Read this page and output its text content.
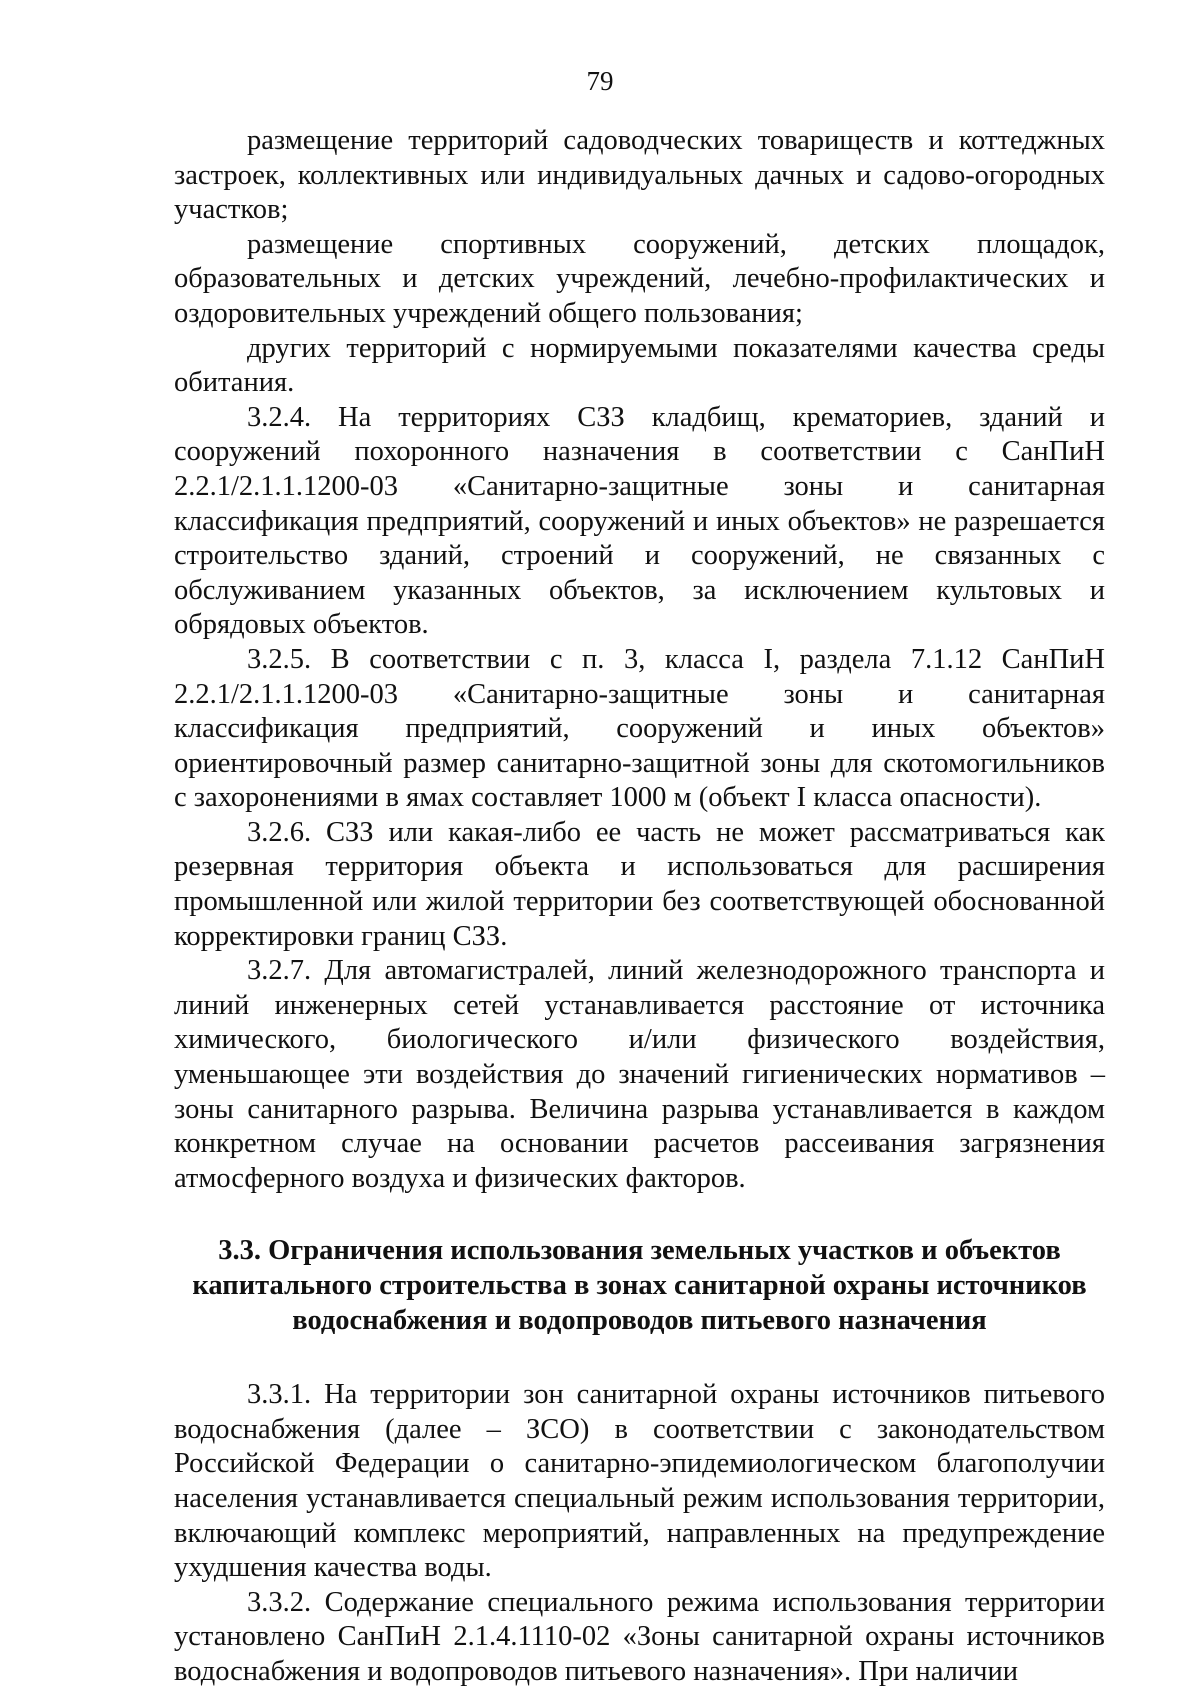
79

размещение территорий садоводческих товариществ и коттеджных застроек, коллективных или индивидуальных дачных и садово-огородных участков;

размещение спортивных сооружений, детских площадок, образовательных и детских учреждений, лечебно-профилактических и оздоровительных учреждений общего пользования;

других территорий с нормируемыми показателями качества среды обитания.

3.2.4. На территориях СЗЗ кладбищ, крематориев, зданий и сооружений похоронного назначения в соответствии с СанПиН 2.2.1/2.1.1.1200-03 «Санитарно-защитные зоны и санитарная классификация предприятий, сооружений и иных объектов» не разрешается строительство зданий, строений и сооружений, не связанных с обслуживанием указанных объектов, за исключением культовых и обрядовых объектов.

3.2.5. В соответствии с п. 3, класса I, раздела 7.1.12 СанПиН 2.2.1/2.1.1.1200-03 «Санитарно-защитные зоны и санитарная классификация предприятий, сооружений и иных объектов» ориентировочный размер санитарно-защитной зоны для скотомогильников с захоронениями в ямах составляет 1000 м (объект I класса опасности).

3.2.6. СЗЗ или какая-либо ее часть не может рассматриваться как резервная территория объекта и использоваться для расширения промышленной или жилой территории без соответствующей обоснованной корректировки границ СЗЗ.

3.2.7. Для автомагистралей, линий железнодорожного транспорта и линий инженерных сетей устанавливается расстояние от источника химического, биологического и/или физического воздействия, уменьшающее эти воздействия до значений гигиенических нормативов – зоны санитарного разрыва. Величина разрыва устанавливается в каждом конкретном случае на основании расчетов рассеивания загрязнения атмосферного воздуха и физических факторов.

3.3. Ограничения использования земельных участков и объектов капитального строительства в зонах санитарной охраны источников водоснабжения и водопроводов питьевого назначения

3.3.1. На территории зон санитарной охраны источников питьевого водоснабжения (далее – ЗСО) в соответствии с законодательством Российской Федерации о санитарно-эпидемиологическом благополучии населения устанавливается специальный режим использования территории, включающий комплекс мероприятий, направленных на предупреждение ухудшения качества воды.

3.3.2. Содержание специального режима использования территории установлено СанПиН 2.1.4.1110-02 «Зоны санитарной охраны источников водоснабжения и водопроводов питьевого назначения». При наличии
